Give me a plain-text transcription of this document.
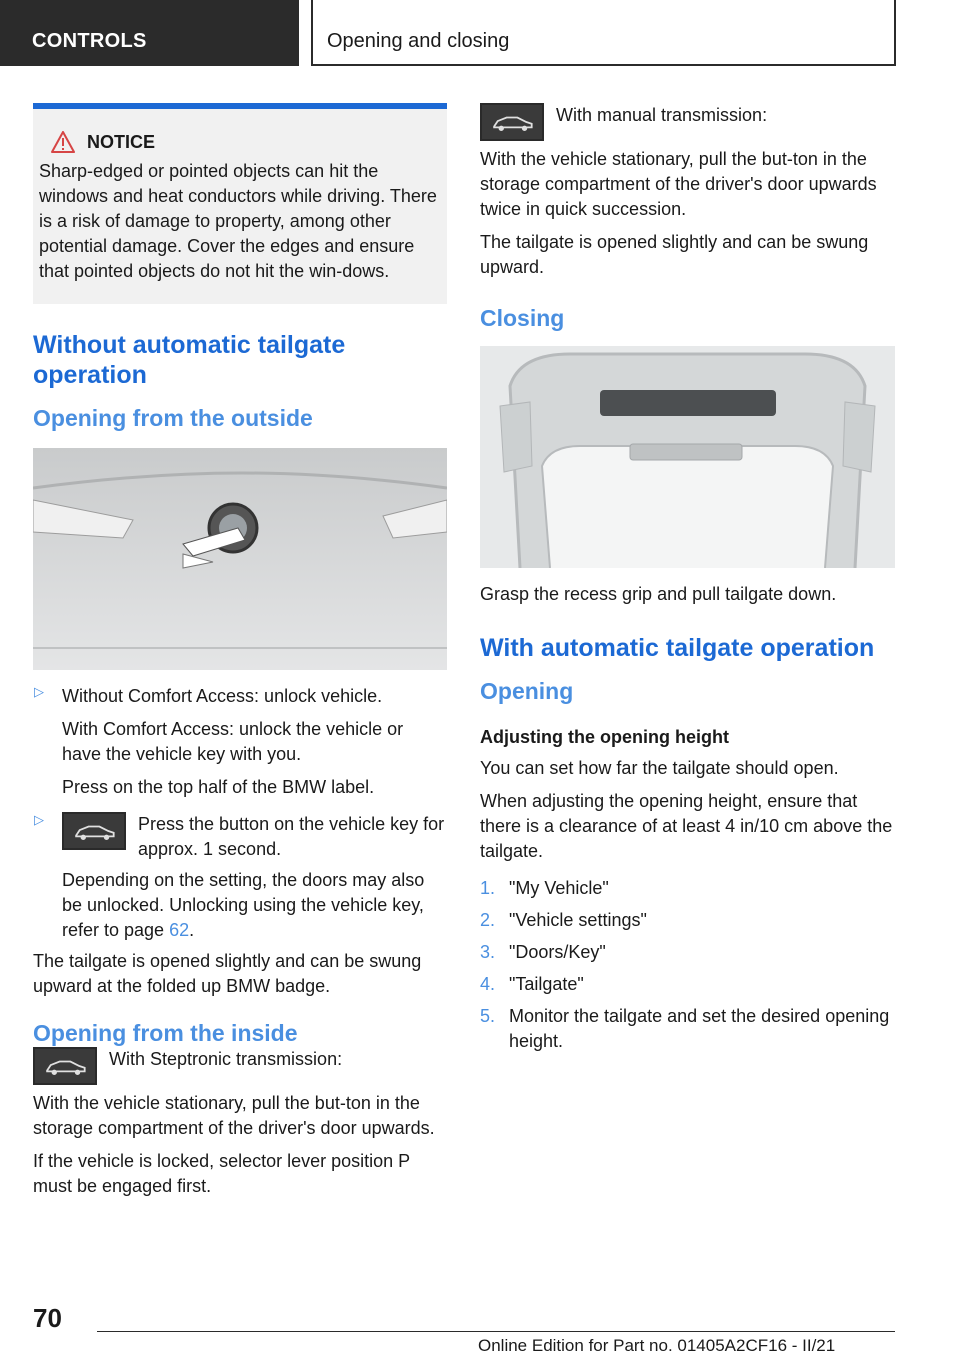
CONTROLS	Opening and closing
NOTICE

Sharp-edged or pointed objects can hit the windows and heat conductors while driving. There is a risk of damage to property, among other potential damage. Cover the edges and ensure that pointed objects do not hit the win-dows.

Without automatic tailgate operation
Opening from the outside
▷ Without Comfort Access: unlock vehicle.

With Comfort Access: unlock the vehicle or have the vehicle key with you.

Press on the top half of the BMW label.

▷	Press the button on the vehicle key for approx. 1 second.

Depending on the setting, the doors may also be unlocked. Unlocking using the vehicle key, refer to page 62.

The tailgate is opened slightly and can be swung upward at the folded up BMW badge.

Opening from the inside

With Steptronic transmission:

With the vehicle stationary, pull the but-ton in the storage compartment of the driver's door upwards.

If the vehicle is locked, selector lever position P must be engaged first.

With manual transmission:

With the vehicle stationary, pull the but-ton in the storage compartment of the driver's door upwards twice in quick succession.

The tailgate is opened slightly and can be swung upward.

Closing

Grasp the recess grip and pull tailgate down.

With automatic tailgate operation
Opening
Adjusting the opening height

You can set how far the tailgate should open.

When adjusting the opening height, ensure that there is a clearance of at least 4 in/10 cm above the tailgate.

1. "My Vehicle"
2. "Vehicle settings"
3. "Doors/Key"
4. "Tailgate"
5. Monitor the tailgate and set the desired opening height.
70
Online Edition for Part no. 01405A2CF16 - II/21
